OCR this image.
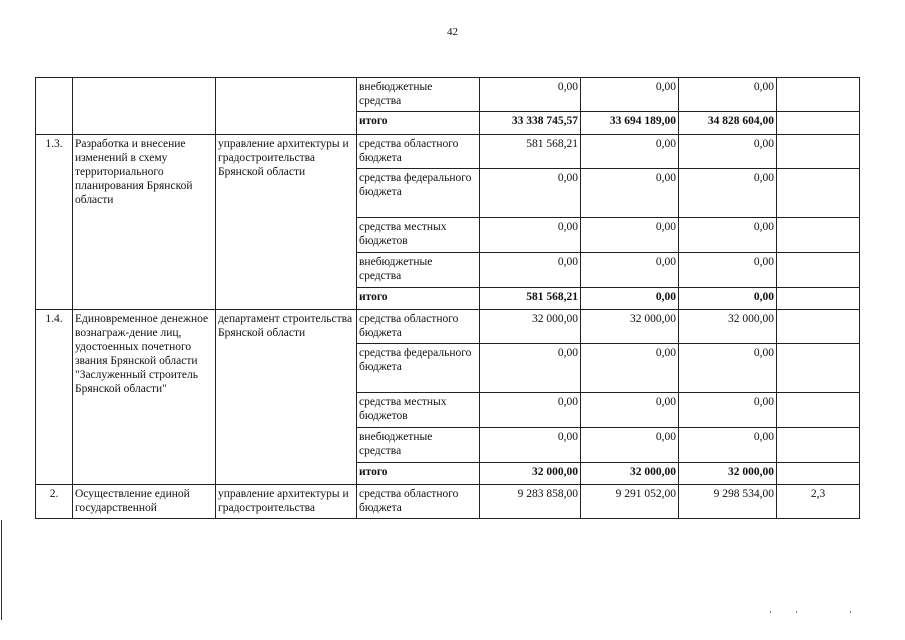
42
			внебюджетные средства	0,00	0,00	0,00	
			итого	33 338 745,57	33 694 189,00	34 828 604,00	
1.3.	Разработка и внесение изменений в схему территориального планирования Брянской области	управление архитектуры и градостроительства Брянской области	средства областного бюджета	581 568,21	0,00	0,00	
			средства федерального бюджета	0,00	0,00	0,00	
			средства местных бюджетов	0,00	0,00	0,00	
			внебюджетные средства	0,00	0,00	0,00	
			итого	581 568,21	0,00	0,00	
1.4.	Единовременное денежное вознаграж-дение лиц, удостоенных почетного звания Брянской области "Заслуженный строитель Брянской области"	департамент строительства Брянской области	средства областного бюджета	32 000,00	32 000,00	32 000,00	
			средства федерального бюджета	0,00	0,00	0,00	
			средства местных бюджетов	0,00	0,00	0,00	
			внебюджетные средства	0,00	0,00	0,00	
			итого	32 000,00	32 000,00	32 000,00	
2.	Осуществление единой государственной	управление архитектуры и градостроительства	средства областного бюджета	9 283 858,00	9 291 052,00	9 298 534,00	2,3
